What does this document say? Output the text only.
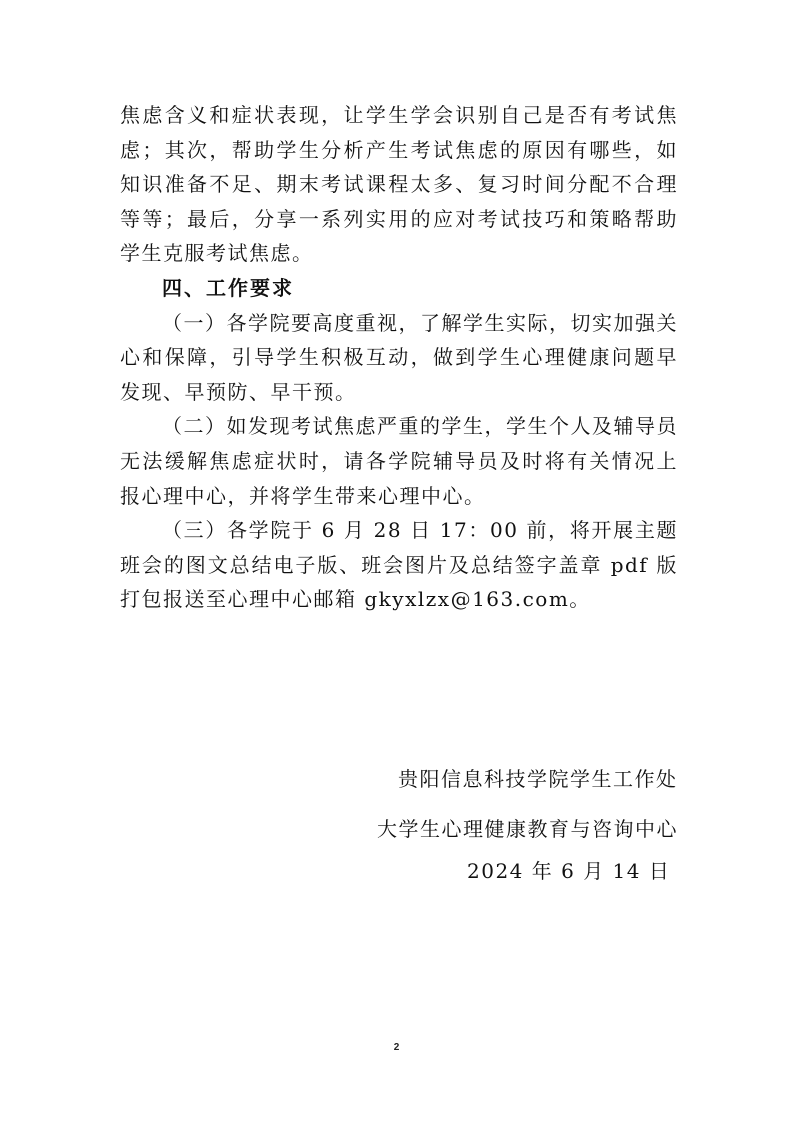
焦虑含义和症状表现，让学生学会识别自己是否有考试焦虑；其次，帮助学生分析产生考试焦虑的原因有哪些，如知识准备不足、期末考试课程太多、复习时间分配不合理等等；最后，分享一系列实用的应对考试技巧和策略帮助学生克服考试焦虑。

四、工作要求

（一）各学院要高度重视，了解学生实际，切实加强关心和保障，引导学生积极互动，做到学生心理健康问题早发现、早预防、早干预。

（二）如发现考试焦虑严重的学生，学生个人及辅导员无法缓解焦虑症状时，请各学院辅导员及时将有关情况上报心理中心，并将学生带来心理中心。

（三）各学院于 6 月 28 日 17：00 前，将开展主题班会的图文总结电子版、班会图片及总结签字盖章 pdf 版打包报送至心理中心邮箱 gkyxlzx@163.com。

贵阳信息科技学院学生工作处
大学生心理健康教育与咨询中心
2024 年 6 月 14 日
2
